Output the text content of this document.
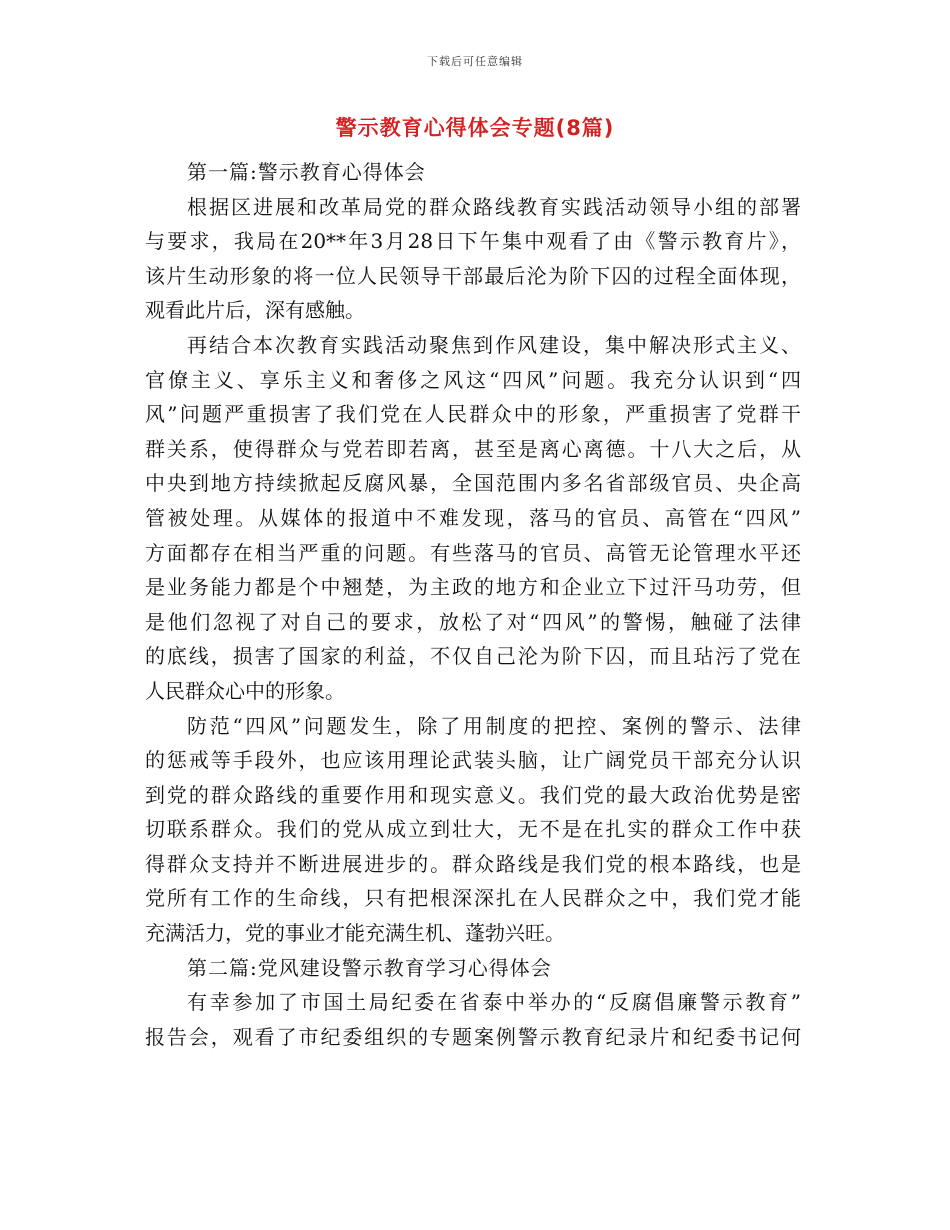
下载后可任意编辑
警示教育心得体会专题(8篇)
第一篇:警示教育心得体会
根据区进展和改革局党的群众路线教育实践活动领导小组的部署
与要求，我局在20**年3月28日下午集中观看了由《警示教育片》，
该片生动形象的将一位人民领导干部最后沦为阶下囚的过程全面体现，
观看此片后，深有感触。
再结合本次教育实践活动聚焦到作风建设，集中解决形式主义、
官僚主义、享乐主义和奢侈之风这“四风”问题。我充分认识到“四
风”问题严重损害了我们党在人民群众中的形象，严重损害了党群干
群关系，使得群众与党若即若离，甚至是离心离德。十八大之后，从
中央到地方持续掀起反腐风暴，全国范围内多名省部级官员、央企高
管被处理。从媒体的报道中不难发现，落马的官员、高管在“四风”
方面都存在相当严重的问题。有些落马的官员、高管无论管理水平还
是业务能力都是个中翘楚，为主政的地方和企业立下过汗马功劳，但
是他们忽视了对自己的要求，放松了对“四风”的警惕，触碰了法律
的底线，损害了国家的利益，不仅自己沦为阶下囚，而且玷污了党在
人民群众心中的形象。
防范“四风”问题发生，除了用制度的把控、案例的警示、法律
的惩戒等手段外，也应该用理论武装头脑，让广阔党员干部充分认识
到党的群众路线的重要作用和现实意义。我们党的最大政治优势是密
切联系群众。我们的党从成立到壮大，无不是在扎实的群众工作中获
得群众支持并不断进展进步的。群众路线是我们党的根本路线，也是
党所有工作的生命线，只有把根深深扎在人民群众之中，我们党才能
充满活力，党的事业才能充满生机、蓬勃兴旺。
第二篇:党风建设警示教育学习心得体会
有幸参加了市国土局纪委在省泰中举办的“反腐倡廉警示教育”
报告会，观看了市纪委组织的专题案例警示教育纪录片和纪委书记何
